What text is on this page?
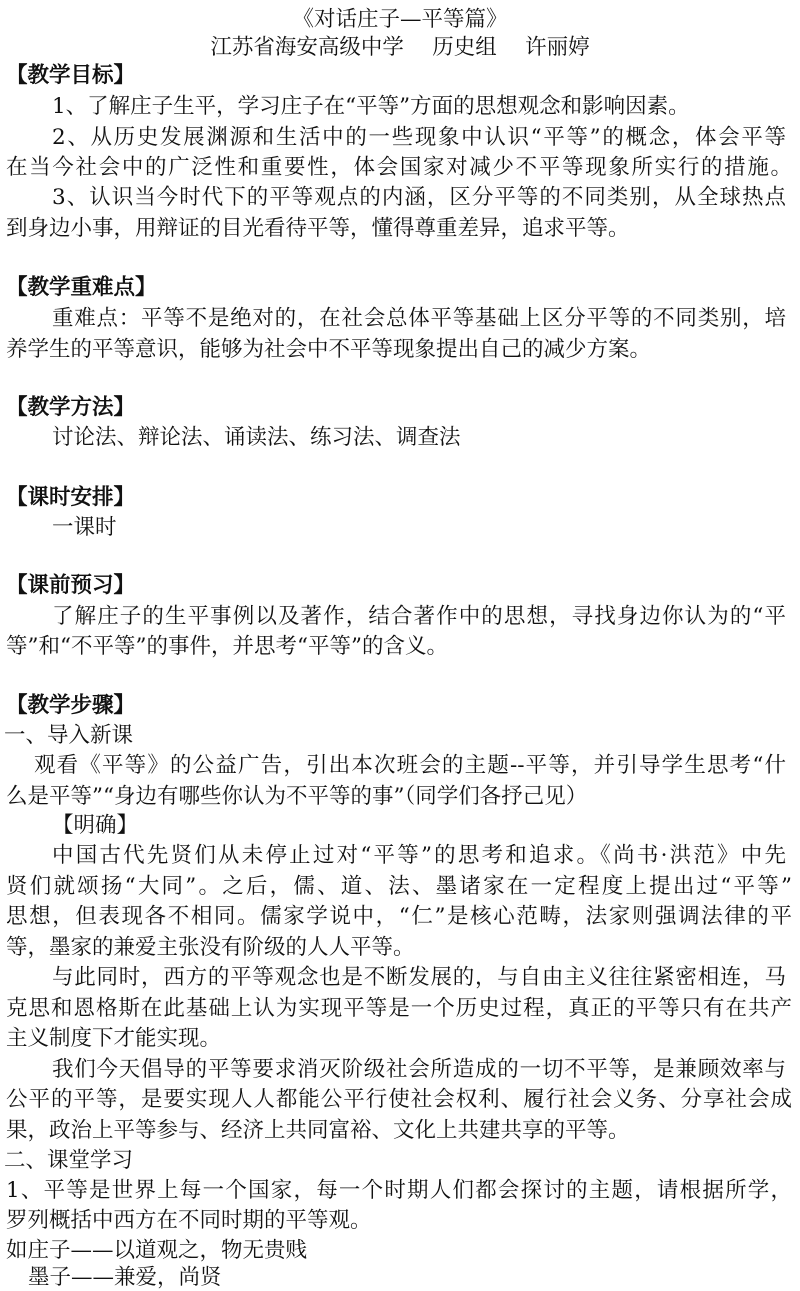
《对话庄子—平等篇》
江苏省海安高级中学　 历史组　 许丽婷
【教学目标】
1、了解庄子生平，学习庄子在“平等”方面的思想观念和影响因素。
2、从历史发展渊源和生活中的一些现象中认识“平等”的概念，体会平等
在当今社会中的广泛性和重要性，体会国家对减少不平等现象所实行的措施。
3、认识当今时代下的平等观点的内涵，区分平等的不同类别，从全球热点
到身边小事，用辩证的目光看待平等，懂得尊重差异，追求平等。
【教学重难点】
重难点：平等不是绝对的，在社会总体平等基础上区分平等的不同类别，培
养学生的平等意识，能够为社会中不平等现象提出自己的减少方案。
【教学方法】
讨论法、辩论法、诵读法、练习法、调查法
【课时安排】
一课时
【课前预习】
了解庄子的生平事例以及著作，结合著作中的思想，寻找身边你认为的“平
等”和“不平等”的事件，并思考“平等”的含义。
【教学步骤】
一、导入新课
观看《平等》的公益广告，引出本次班会的主题--平等，并引导学生思考“什
么是平等”“身边有哪些你认为不平等的事”（同学们各抒己见）
【明确】
中国古代先贤们从未停止过对“平等”的思考和追求。《尚书·洪范》中先
贤们就颂扬“大同”。之后，儒、道、法、墨诸家在一定程度上提出过“平等”
思想，但表现各不相同。儒家学说中，“仁”是核心范畴，法家则强调法律的平
等，墨家的兼爱主张没有阶级的人人平等。
与此同时，西方的平等观念也是不断发展的，与自由主义往往紧密相连，马
克思和恩格斯在此基础上认为实现平等是一个历史过程，真正的平等只有在共产
主义制度下才能实现。
我们今天倡导的平等要求消灭阶级社会所造成的一切不平等，是兼顾效率与
公平的平等，是要实现人人都能公平行使社会权利、履行社会义务、分享社会成
果，政治上平等参与、经济上共同富裕、文化上共建共享的平等。
二、课堂学习
1、平等是世界上每一个国家，每一个时期人们都会探讨的主题，请根据所学，
罗列概括中西方在不同时期的平等观。
如庄子——以道观之，物无贵贱
墨子——兼爱，尚贤
